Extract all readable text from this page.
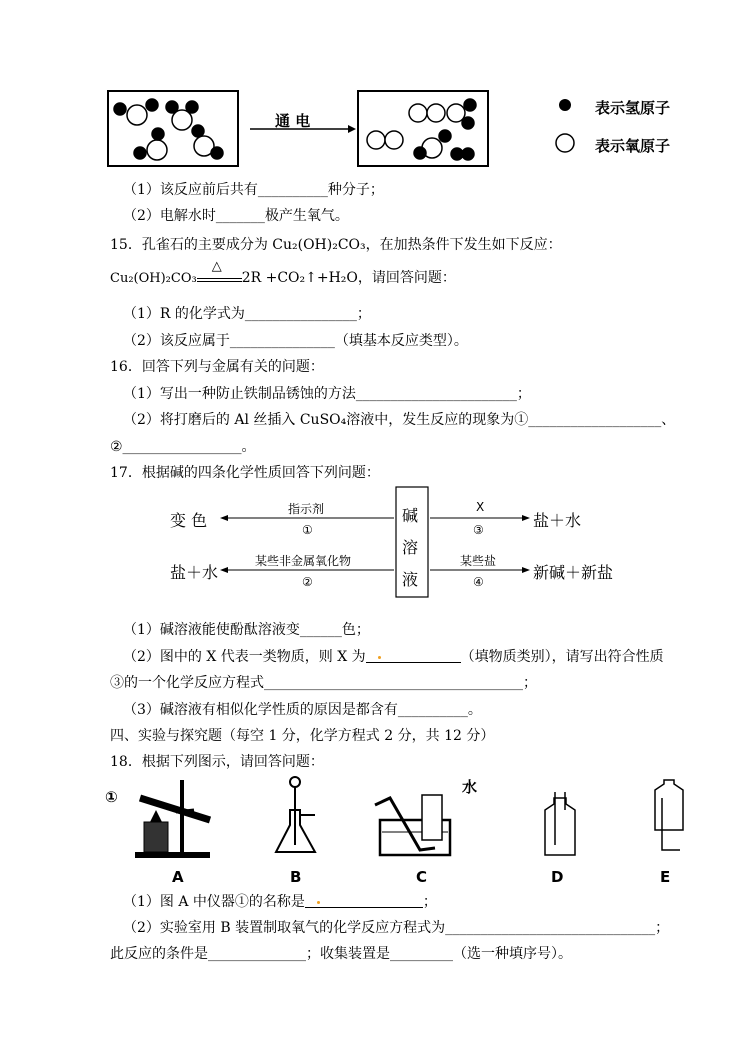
通 电
表示氢原子
表示氧原子
（1）该反应前后共有__________种分子；
（2）电解水时_______极产生氧气。
15．孔雀石的主要成分为 Cu₂(OH)₂CO₃，在加热条件下发生如下反应：
Cu₂(OH)₂CO₃
△
2R +CO₂↑+H₂O，请回答问题：
（1）R 的化学式为________________；
（2）该反应属于_______________（填基本反应类型）。
16．回答下列与金属有关的问题：
（1）写出一种防止铁制品锈蚀的方法_______________________；
（2）将打磨后的 Al 丝插入 CuSO₄溶液中，发生反应的现象为①___________________、
②_________________。
17．根据碱的四条化学性质回答下列问题：
碱
溶
液
变 色
盐＋水
盐＋水
新碱＋新盐
指示剂
①
某些非金属氧化物
②
X
③
某些盐
④
（1）碱溶液能使酚酞溶液变______色；
（2）图中的 X 代表一类物质，则 X 为	（填物质类别），请写出符合性质
③的一个化学反应方程式_____________________________________；
（3）碱溶液有相似化学性质的原因是都含有__________。
四、实验与探究题（每空 1 分，化学方程式 2 分，共 12 分）
18．根据下列图示，请回答问题：
①
水
A	B	C	D	E
（1）图 A 中仪器①的名称是	；
（2）实验室用 B 装置制取氧气的化学反应方程式为______________________________；
此反应的条件是______________；收集装置是_________（选一种填序号）。
